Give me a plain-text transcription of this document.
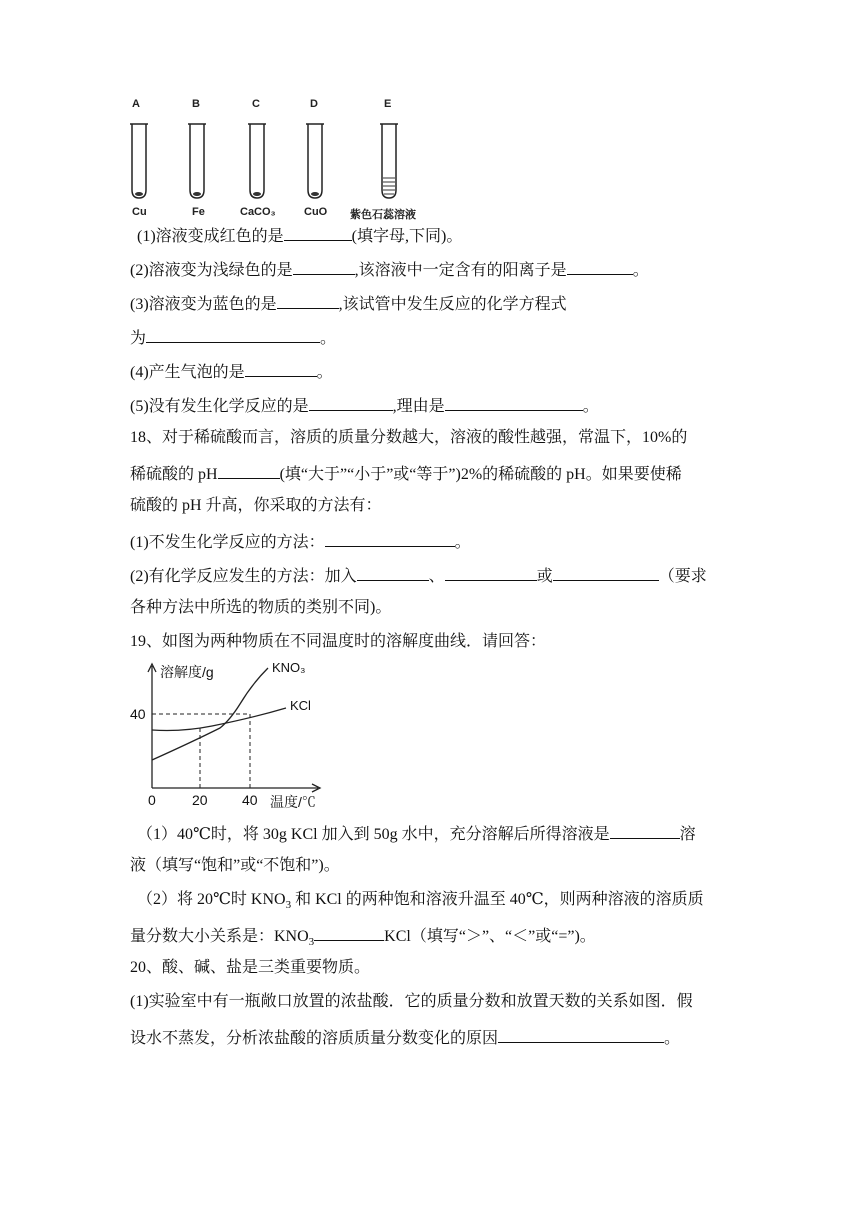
A	B	C	D	E
Cu	Fe	CaCO₃	CuO 紫色石蕊溶液
(1)溶液变成红色的是	(填字母,下同)。
(2)溶液变为浅绿色的是	,该溶液中一定含有的阳离子是	。
(3)溶液变为蓝色的是	,该试管中发生反应的化学方程式
为	。
(4)产生气泡的是	。
(5)没有发生化学反应的是	,理由是	。
18、对于稀硫酸而言，溶质的质量分数越大，溶液的酸性越强，常温下，10%的
稀硫酸的 pH	(填“大于”“小于”或“等于”)2%的稀硫酸的 pH。如果要使稀
硫酸的 pH 升高，你采取的方法有：
(1)不发生化学反应的方法：	。
(2)有化学反应发生的方法：加入	、	或	（要求
各种方法中所选的物质的类别不同)。
19、如图为两种物质在不同温度时的溶解度曲线．请回答：
溶解度/g	KNO₃
KCl
40
0	20 40 温度/℃
（1）40℃时，将 30g KCl 加入到 50g 水中，充分溶解后所得溶液是	溶
液（填写“饱和”或“不饱和”)。
（2）将 20℃时 $KNO_3$ 和 KCl 的两种饱和溶液升温至 40℃，则两种溶液的溶质质
量分数大小关系是：$KNO_3$	KCl（填写“＞”、“＜”或“=”)。
20、酸、碱、盐是三类重要物质。
(1)实验室中有一瓶敞口放置的浓盐酸．它的质量分数和放置天数的关系如图．假
设水不蒸发，分析浓盐酸的溶质质量分数变化的原因	。
